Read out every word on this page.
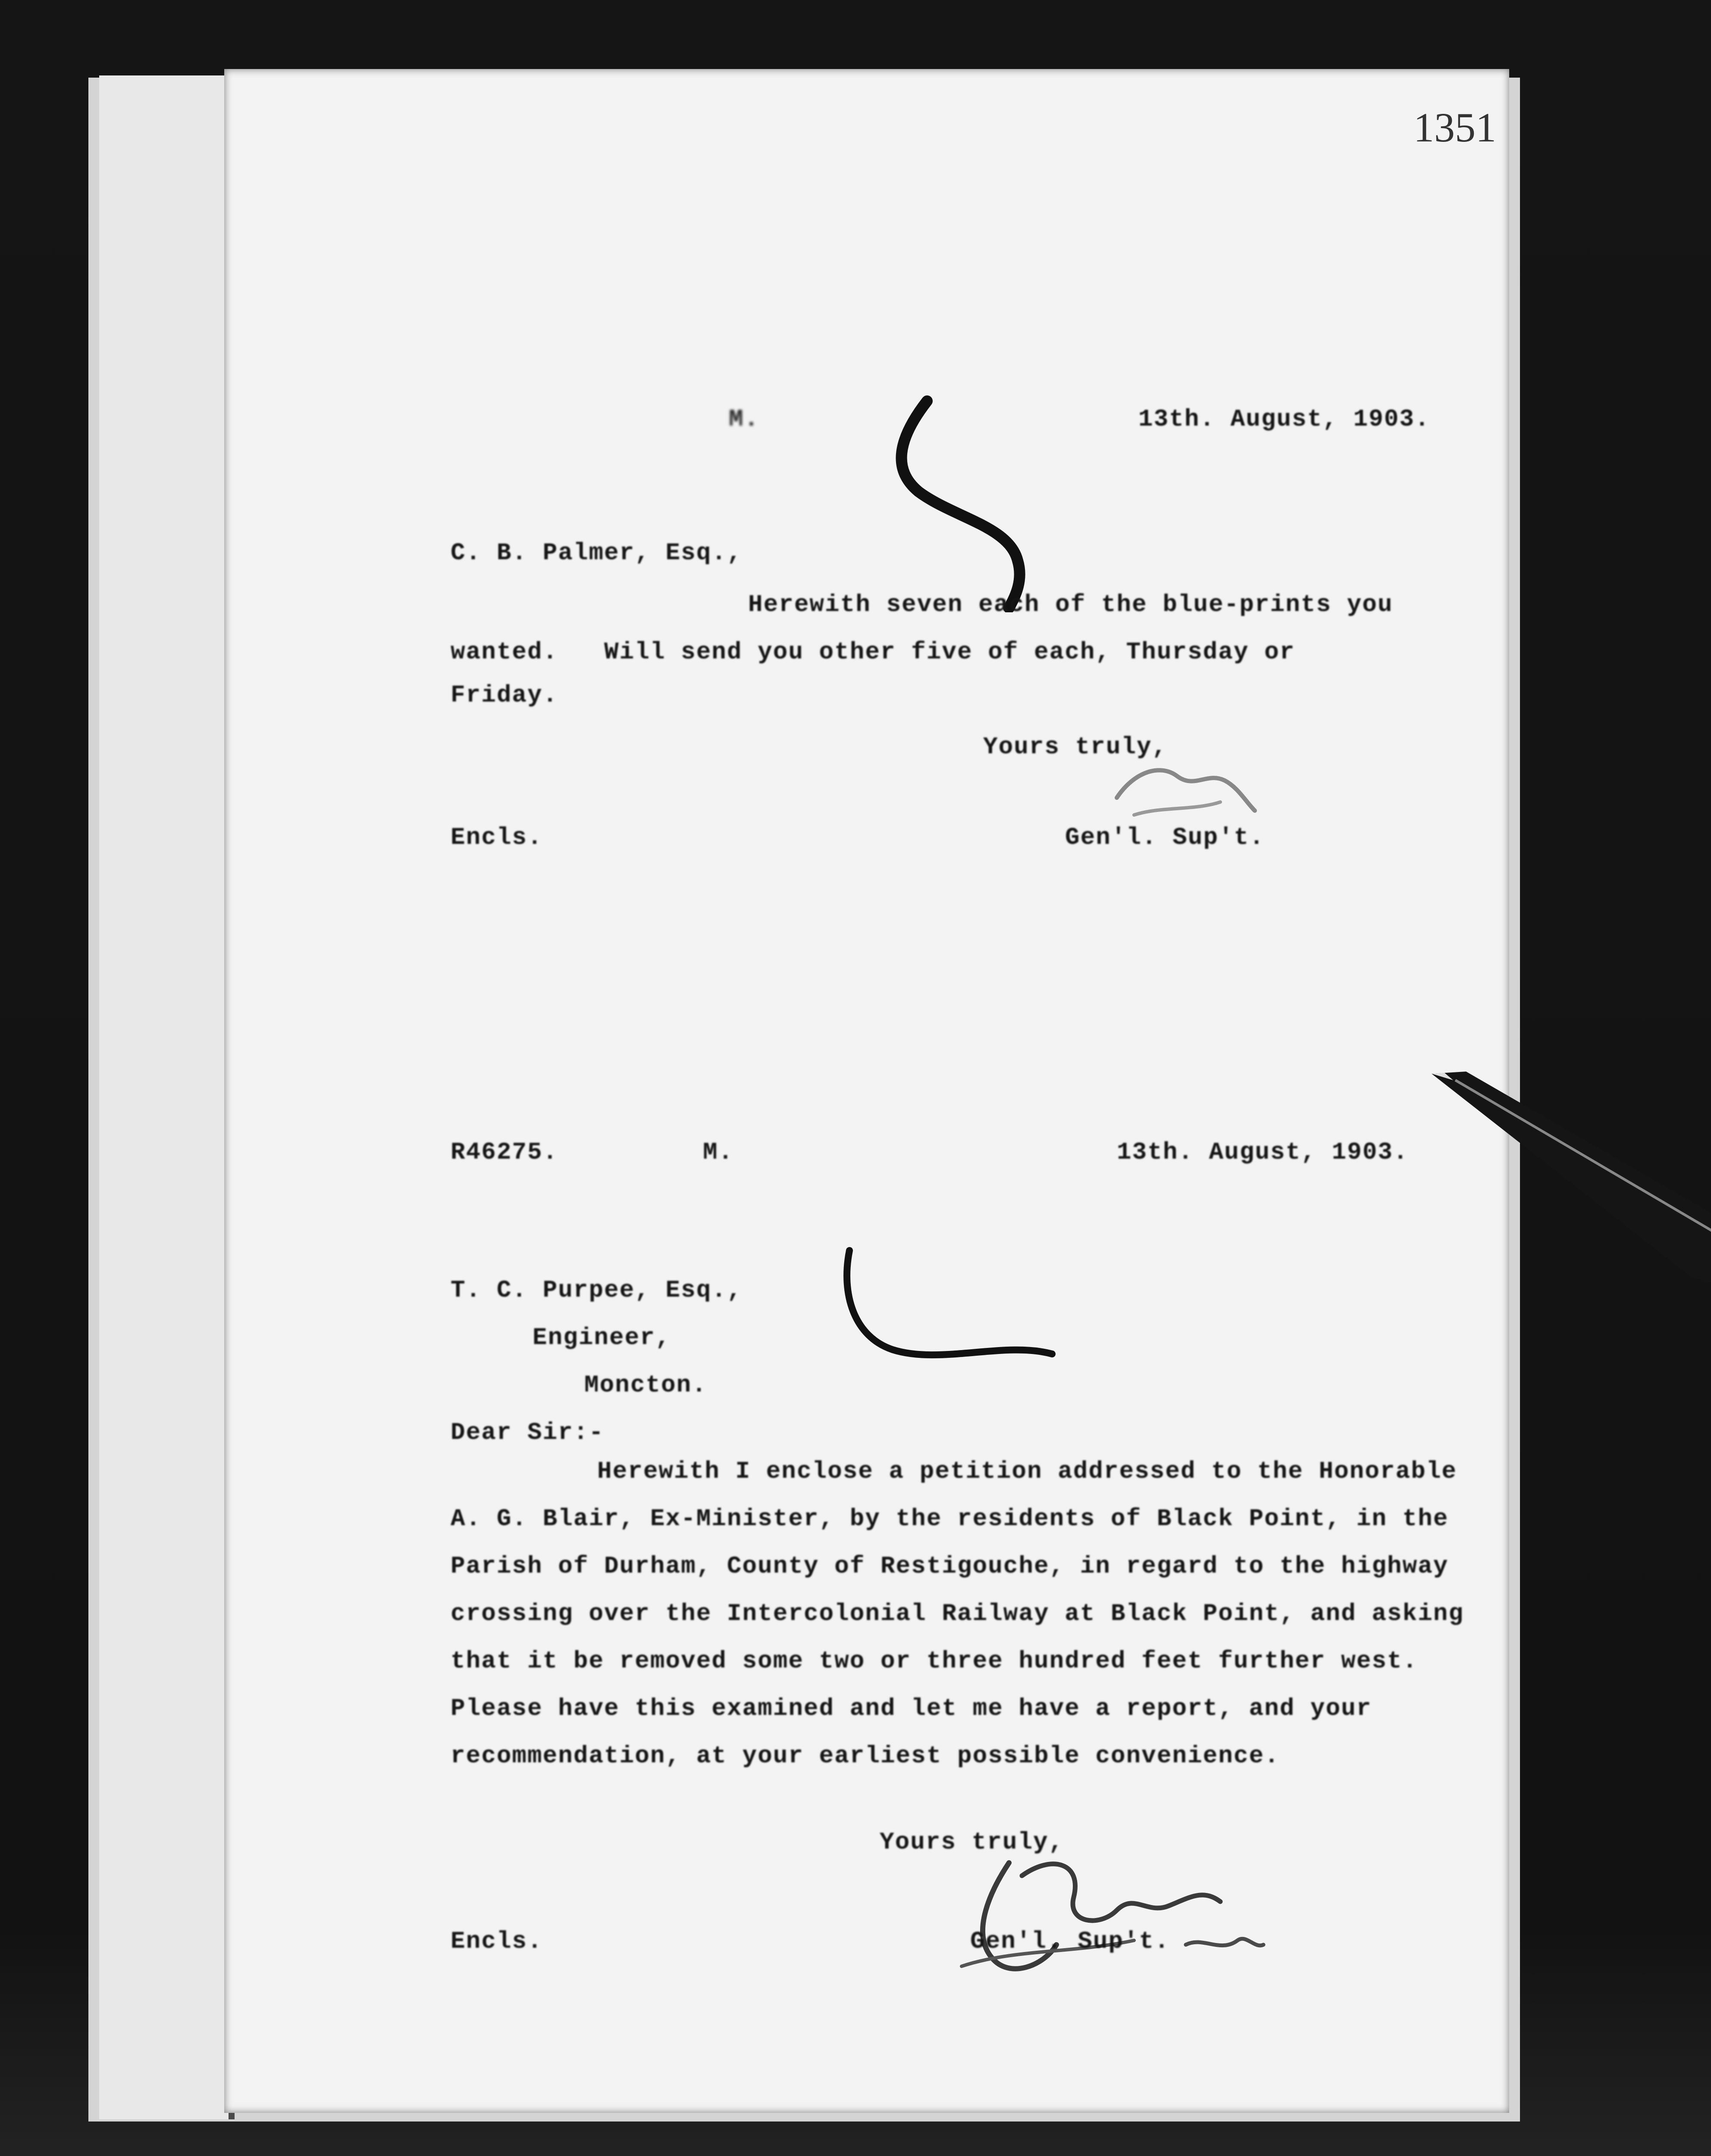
1351
M.	13th. August, 1903.
C. B. Palmer, Esq.,
Herewith seven each of the blue-prints you
wanted.   Will send you other five of each, Thursday or
Friday.
Yours truly,
Encls.	Gen'l. Sup't.
R46275.	M.	13th. August, 1903.
T. C. Purpee, Esq.,
Engineer,
Moncton.
Dear Sir:-
Herewith I enclose a petition addressed to the Honorable
A. G. Blair, Ex-Minister, by the residents of Black Point, in the
Parish of Durham, County of Restigouche, in regard to the highway
crossing over the Intercolonial Railway at Black Point, and asking
that it be removed some two or three hundred feet further west.
Please have this examined and let me have a report, and your
recommendation, at your earliest possible convenience.
Yours truly,
Encls.	Gen'l. Sup't.
